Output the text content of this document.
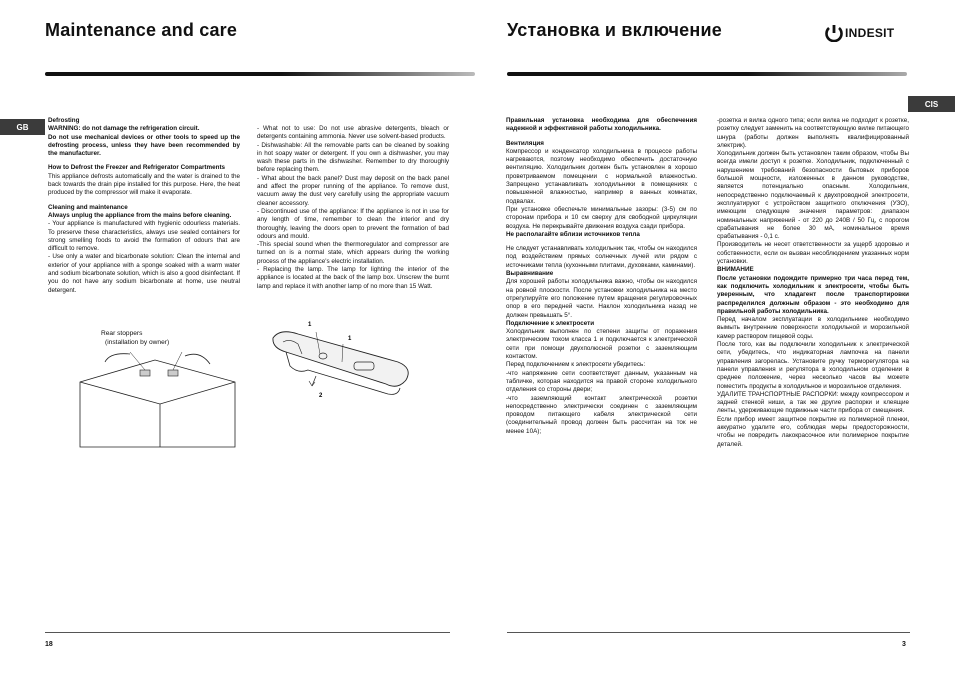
Maintenance and care
GB

Defrosting

WARNING: do not damage the refrigeration circuit.

Do not use mechanical devices or other tools to speed up the defrosting process, unless they have been recommended by the manufacturer.

How to Defrost the Freezer and Refrigerator Compartments

This appliance defrosts automatically and the water is drained to the back towards the drain pipe installed for this purpose. Here, the heat produced by the compressor will make it evaporate.

Cleaning and maintenance

Always unplug the appliance from the mains before cleaning.

- Your appliance is manufactured with hygienic odourless materials. To preserve these characteristics, always use sealed containers for strong smelling foods to avoid the formation of odours that are difficult to remove.

- Use only a water and bicarbonate solution: Clean the internal and exterior of your appliance with a sponge soaked with a warm water and sodium bicarbonate solution, which is also a good disinfectant. If you do not have any sodium bicarbonate at home, use neutral detergent.

- What not to use: Do not use abrasive detergents, bleach or detergents containing ammonia. Never use solvent-based products.

- Dishwashable: All the removable parts can be cleaned by soaking in hot soapy water or detergent. If you own a dishwasher, you may wash these parts in the dishwasher. Remember to dry thoroughly before replacing them.

- What about the back panel? Dust may deposit on the back panel and affect the proper running of the appliance. To remove dust, vacuum away the dust very carefully using the appropriate vacuum cleaner accessory.

- Discontinued use of the appliance: If the appliance is not in use for any length of time, remember to clean the interior and dry thoroughly, leaving the doors open to prevent the formation of bad odours and mould.

-This special sound when the thermoregulator and compressor are turned on is a normal state, which appears during the working process of the appliance's electric installation.

- Replacing the lamp. The lamp for lighting the interior of the appliance is located at the back of the lamp box. Unscrew the burnt lamp and replace it with another lamp of no more than 15 Watt.

Rear stoppers
(installation by owner)
1
1
2
18
Установка и включение	INDESIT
CIS

Правильная установка необходима для обеспечения надежной и эффективной работы холодильника.

Вентиляция

Компрессор и конденсатор холодильника в процессе работы нагреваются, поэтому необходимо обеспечить достаточную вентиляцию. Холодильник должен быть установлен в хорошо проветриваемом помещении с нормальной влажностью. Запрещено устанавливать холодильники в помещениях с повышенной влажностью, например в ванных комнатах, подвалах.

При установке обеспечьте минимальные зазоры: (3-5) см по сторонам прибора и 10 см сверху для свободной циркуляции воздуха. Не перекрывайте движения воздуха сзади прибора.

Не располагайте вблизи источников тепла

Не следует устанавливать холодильник так, чтобы он находился под воздействием прямых солнечных лучей или рядом с источниками тепла (кухонными плитами, духовками, каминами).

Выравнивание

Для хорошей работы холодильника важно, чтобы он находился на ровной плоскости. После установки холодильника на место отрегулируйте его положение путем вращения регулировочных опор в его передней части. Наклон холодильника назад не должен превышать 5°.

Подключение к электросети

Холодильник выполнен по степени защиты от поражения электрическим током класса 1 и подключается к электрической сети при помощи двухполюсной розетки с заземляющим контактом.

Перед подключением к электросети убедитесь:

-что напряжение сети соответствует данным, указанным на табличке, которая находится на правой стороне холодильного отделения со стороны двери;

-что заземляющий контакт электрической розетки непосредственно электрически соединен с заземляющим проводом питающего кабеля электрической сети (соединительный провод должен быть рассчитан на ток не менее 10А);

-розетка и вилка одного типа; если вилка не подходит к розетке, розетку следует заменить на соответствующую вилке питающего шнура (работы должен выполнять квалифицированный электрик).

Холодильник должен быть установлен таким образом, чтобы Вы всегда имели доступ к розетке. Холодильник, подключенный с нарушением требований безопасности бытовых приборов большой мощности, изложенных в данном руководстве, является потенциально опасным. Холодильник, непосредственно подключаемый к двухпроводной электросети, эксплуатируют с устройством защитного отключения (УЗО), имеющим следующие значения параметров: диапазон номинальных напряжений - от 220 до 240В / 50 Гц, с порогом срабатывания не более 30 мА, номинальное время срабатывания - 0,1 с.

Производитель не несет ответственности за ущерб здоровью и собственности, если он вызван несоблюдением указанных норм установки.

ВНИМАНИЕ

После установки подождите примерно три часа перед тем, как подключить холодильник к электросети, чтобы быть уверенным, что хладагент после транспортировки распределился должным образом - это необходимо для правильной работы холодильника.

Перед началом эксплуатации в холодильнике необходимо вымыть внутренние поверхности холодильной и морозильной камер раствором пищевой соды.

После того, как вы подключили холодильник к электрической сети, убедитесь, что индикаторная лампочка на панели управления загорелась. Установите ручку терморегулятора на панели управления и регулятора в холодильном отделении в среднее положение, через несколько часов вы можете поместить продукты в холодильное и морозильное отделения.

УДАЛИТЕ ТРАНСПОРТНЫЕ РАСПОРКИ: между компрессором и задней стенкой ниши, а так же другие распорки и клеящие ленты, удерживающие подвижные части прибора от смещения.

Если прибор имеет защитное покрытие из полимерной пленки, аккуратно удалите его, соблюдая меры предосторожности, чтобы не повредить лакокрасочное или полимерное покрытие деталей.

3
